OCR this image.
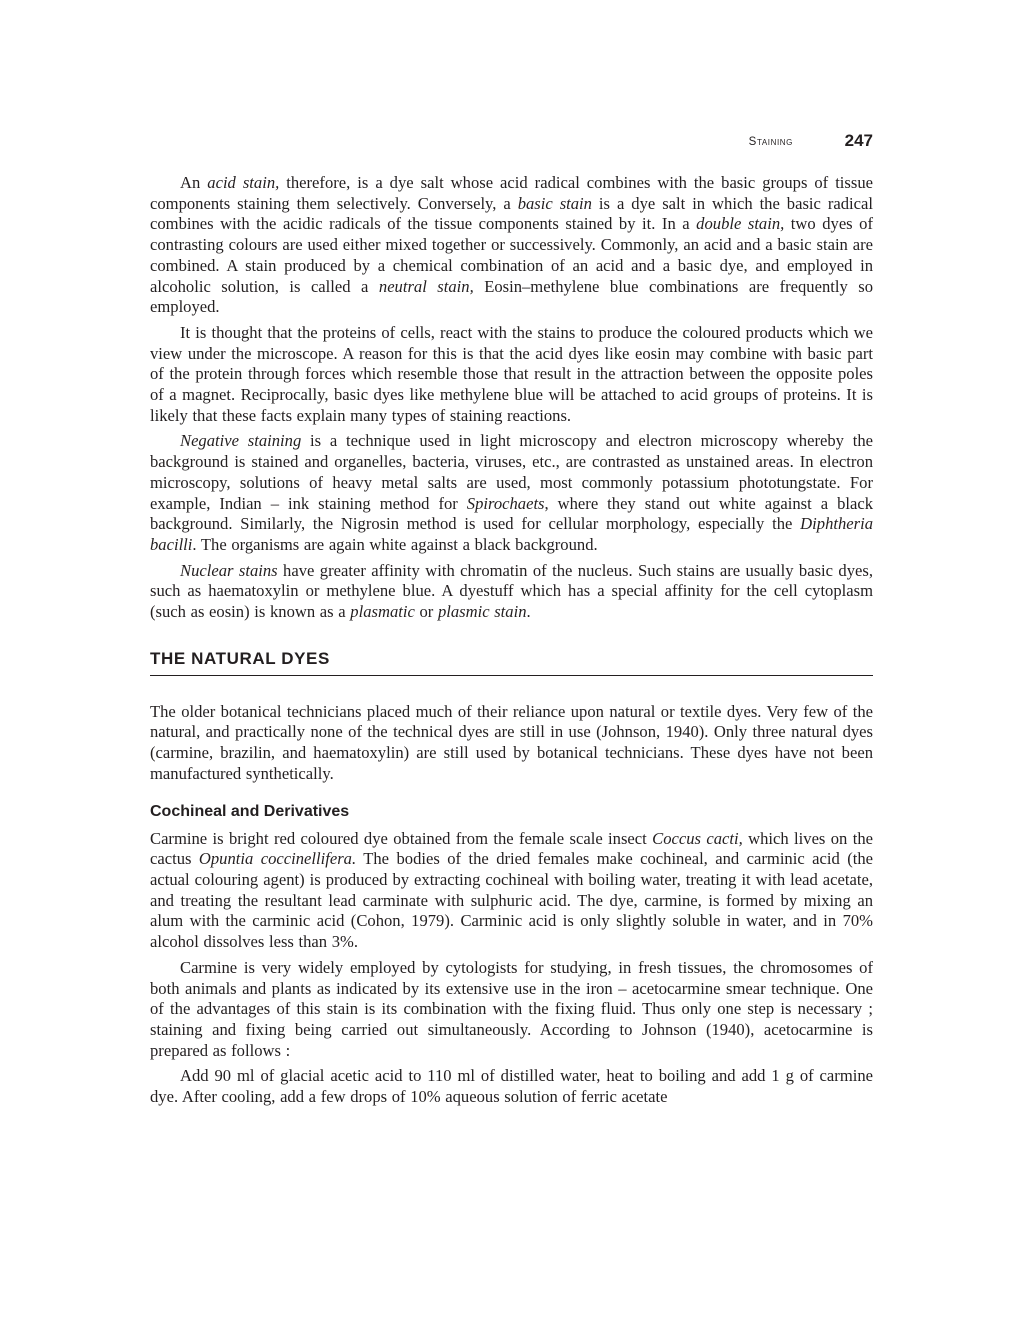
Staining	247

An acid stain, therefore, is a dye salt whose acid radical combines with the basic groups of tissue components staining them selectively. Conversely, a basic stain is a dye salt in which the basic radical combines with the acidic radicals of the tissue components stained by it. In a double stain, two dyes of contrasting colours are used either mixed together or successively. Commonly, an acid and a basic stain are combined. A stain produced by a chemical combination of an acid and a basic dye, and employed in alcoholic solution, is called a neutral stain, Eosin–methylene blue combinations are frequently so employed.

It is thought that the proteins of cells, react with the stains to produce the coloured products which we view under the microscope. A reason for this is that the acid dyes like eosin may combine with basic part of the protein through forces which resemble those that result in the attraction between the opposite poles of a magnet. Reciprocally, basic dyes like methylene blue will be attached to acid groups of proteins. It is likely that these facts explain many types of staining reactions.

Negative staining is a technique used in light microscopy and electron microscopy whereby the background is stained and organelles, bacteria, viruses, etc., are contrasted as unstained areas. In electron microscopy, solutions of heavy metal salts are used, most commonly potassium phototungstate. For example, Indian – ink staining method for Spirochaets, where they stand out white against a black background. Similarly, the Nigrosin method is used for cellular morphology, especially the Diphtheria bacilli. The organisms are again white against a black background.

Nuclear stains have greater affinity with chromatin of the nucleus. Such stains are usually basic dyes, such as haematoxylin or methylene blue. A dyestuff which has a special affinity for the cell cytoplasm (such as eosin) is known as a plasmatic or plasmic stain.

THE NATURAL DYES

The older botanical technicians placed much of their reliance upon natural or textile dyes. Very few of the natural, and practically none of the technical dyes are still in use (Johnson, 1940). Only three natural dyes (carmine, brazilin, and haematoxylin) are still used by botanical technicians. These dyes have not been manufactured synthetically.

Cochineal and Derivatives

Carmine is bright red coloured dye obtained from the female scale insect Coccus cacti, which lives on the cactus Opuntia coccinellifera. The bodies of the dried females make cochineal, and carminic acid (the actual colouring agent) is produced by extracting cochineal with boiling water, treating it with lead acetate, and treating the resultant lead carminate with sulphuric acid. The dye, carmine, is formed by mixing an alum with the carminic acid (Cohon, 1979). Carminic acid is only slightly soluble in water, and in 70% alcohol dissolves less than 3%.

Carmine is very widely employed by cytologists for studying, in fresh tissues, the chromosomes of both animals and plants as indicated by its extensive use in the iron – acetocarmine smear technique. One of the advantages of this stain is its combination with the fixing fluid. Thus only one step is necessary ; staining and fixing being carried out simultaneously. According to Johnson (1940), acetocarmine is prepared as follows :

Add 90 ml of glacial acetic acid to 110 ml of distilled water, heat to boiling and add 1 g of carmine dye. After cooling, add a few drops of 10% aqueous solution of ferric acetate
